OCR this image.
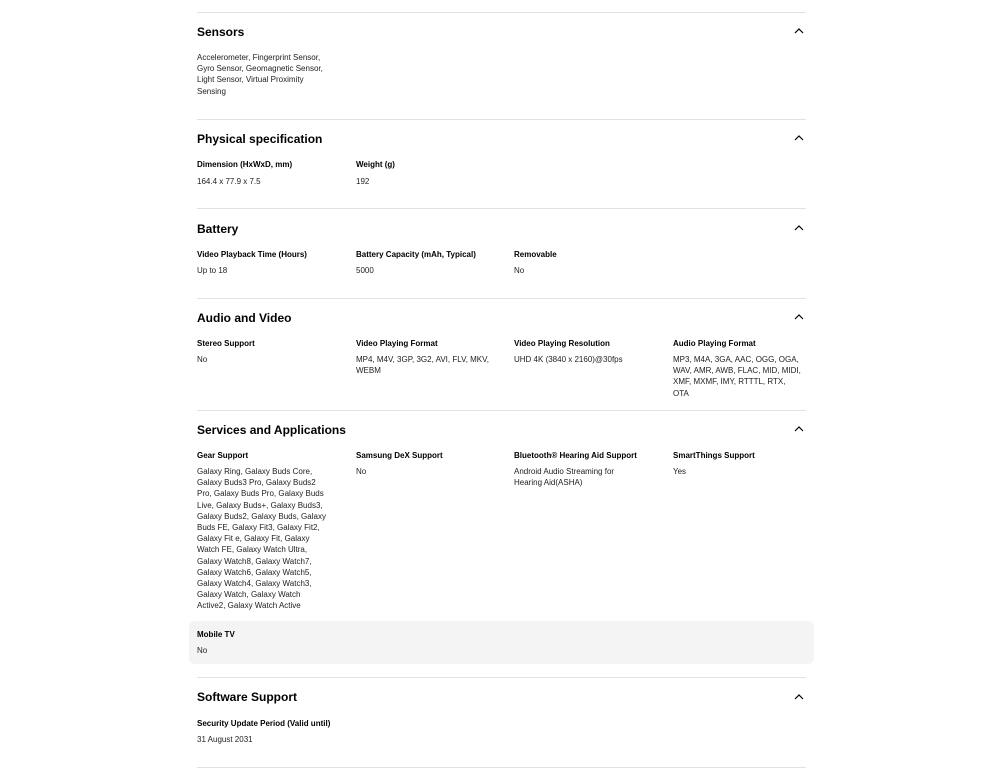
Sensors
Accelerometer, Fingerprint Sensor, Gyro Sensor, Geomagnetic Sensor, Light Sensor, Virtual Proximity Sensing
Physical specification
Dimension (HxWxD, mm)
164.4 x 77.9 x 7.5
Weight (g)
192
Battery
Video Playback Time (Hours)
Up to 18
Battery Capacity (mAh, Typical)
5000
Removable
No
Audio and Video
Stereo Support
No
Video Playing Format
MP4, M4V, 3GP, 3G2, AVI, FLV, MKV, WEBM
Video Playing Resolution
UHD 4K (3840 x 2160)@30fps
Audio Playing Format
MP3, M4A, 3GA, AAC, OGG, OGA, WAV, AMR, AWB, FLAC, MID, MIDI, XMF, MXMF, IMY, RTTTL, RTX, OTA
Services and Applications
Gear Support
Galaxy Ring, Galaxy Buds Core, Galaxy Buds3 Pro, Galaxy Buds2 Pro, Galaxy Buds Pro, Galaxy Buds Live, Galaxy Buds+, Galaxy Buds3, Galaxy Buds2, Galaxy Buds, Galaxy Buds FE, Galaxy Fit3, Galaxy Fit2, Galaxy Fit e, Galaxy Fit, Galaxy Watch FE, Galaxy Watch Ultra, Galaxy Watch8, Galaxy Watch7, Galaxy Watch6, Galaxy Watch5, Galaxy Watch4, Galaxy Watch3, Galaxy Watch, Galaxy Watch Active2, Galaxy Watch Active
Samsung DeX Support
No
Bluetooth® Hearing Aid Support
Android Audio Streaming for Hearing Aid(ASHA)
SmartThings Support
Yes
Mobile TV
No
Software Support
Security Update Period (Valid until)
31 August 2031
